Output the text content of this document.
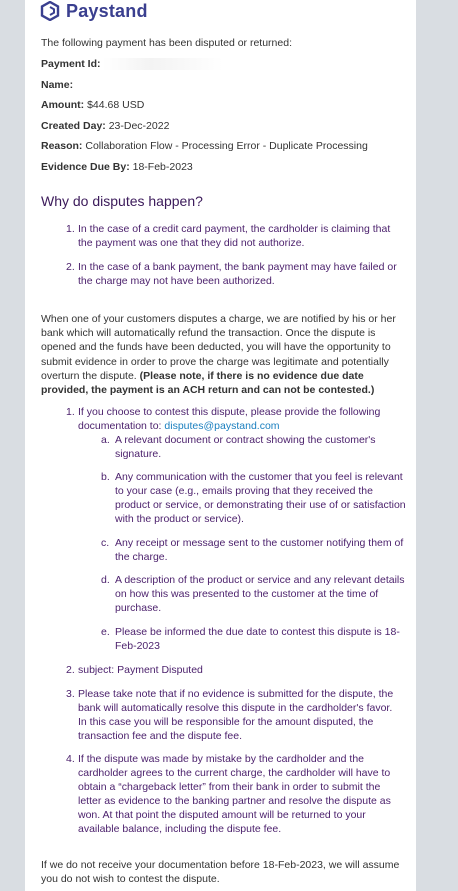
Paystand
The following payment has been disputed or returned:
Payment Id:
Name:
Amount: $44.68 USD
Created Day: 23-Dec-2022
Reason: Collaboration Flow - Processing Error - Duplicate Processing
Evidence Due By: 18-Feb-2023
Why do disputes happen?
1. In the case of a credit card payment, the cardholder is claiming that the payment was one that they did not authorize.
2. In the case of a bank payment, the bank payment may have failed or the charge may not have been authorized.
When one of your customers disputes a charge, we are notified by his or her bank which will automatically refund the transaction. Once the dispute is opened and the funds have been deducted, you will have the opportunity to submit evidence in order to prove the charge was legitimate and potentially overturn the dispute. (Please note, if there is no evidence due date provided, the payment is an ACH return and can not be contested.)
1. If you choose to contest this dispute, please provide the following documentation to: disputes@paystand.com
a. A relevant document or contract showing the customer's signature.
b. Any communication with the customer that you feel is relevant to your case (e.g., emails proving that they received the product or service, or demonstrating their use of or satisfaction with the product or service).
c. Any receipt or message sent to the customer notifying them of the charge.
d. A description of the product or service and any relevant details on how this was presented to the customer at the time of purchase.
e. Please be informed the due date to contest this dispute is 18-Feb-2023
2. subject: Payment Disputed
3. Please take note that if no evidence is submitted for the dispute, the bank will automatically resolve this dispute in the cardholder's favor. In this case you will be responsible for the amount disputed, the transaction fee and the dispute fee.
4. If the dispute was made by mistake by the cardholder and the cardholder agrees to the current charge, the cardholder will have to obtain a “chargeback letter” from their bank in order to submit the letter as evidence to the banking partner and resolve the dispute as won. At that point the disputed amount will be returned to your available balance, including the dispute fee.
If we do not receive your documentation before 18-Feb-2023, we will assume you do not wish to contest the dispute.
